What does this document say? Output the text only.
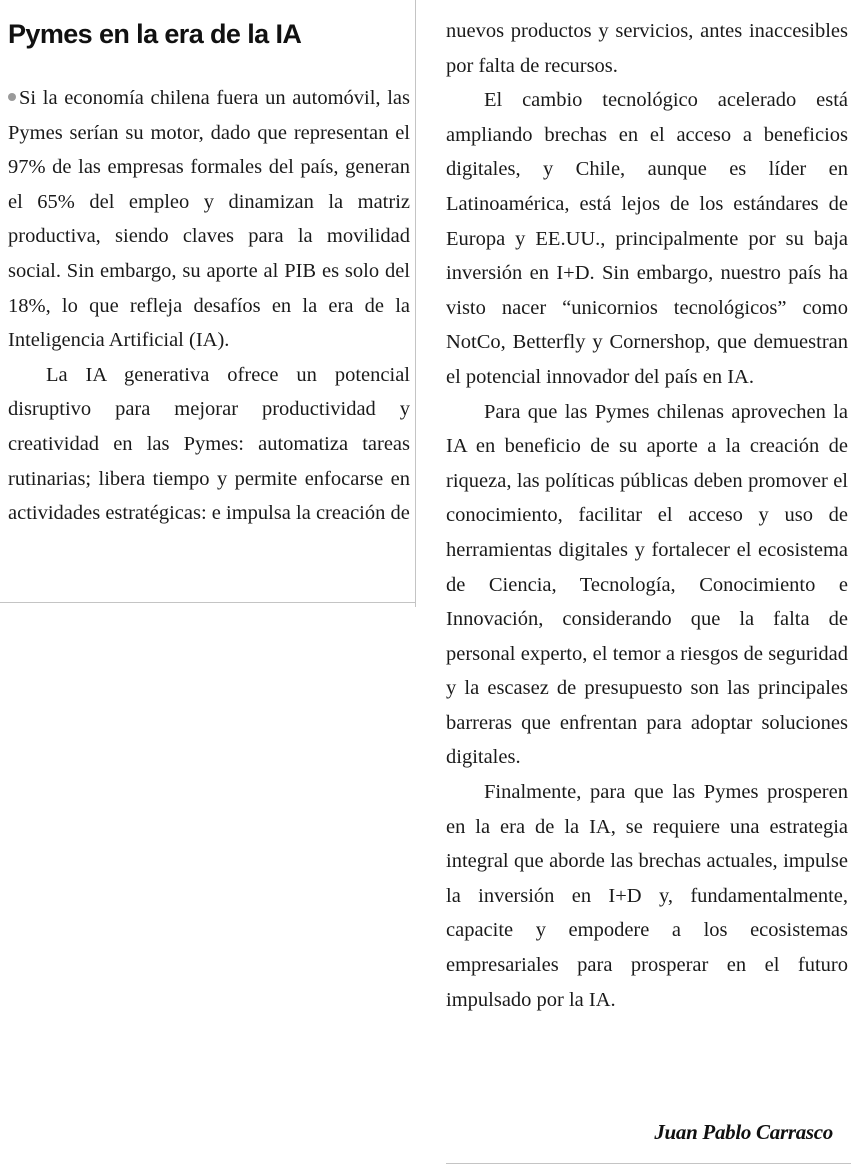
Pymes en la era de la IA

Si la economía chilena fuera un automóvil, las Pymes serían su motor, dado que representan el 97% de las empresas formales del país, generan el 65% del empleo y dinamizan la matriz productiva, siendo claves para la movilidad social. Sin embargo, su aporte al PIB es solo del 18%, lo que refleja desafíos en la era de la Inteligencia Artificial (IA).

La IA generativa ofrece un potencial disruptivo para mejorar productividad y creatividad en las Pymes: automatiza tareas rutinarias; libera tiempo y permite enfocarse en actividades estratégicas: e impulsa la creación de

nuevos productos y servicios, antes inaccesibles por falta de recursos.

El cambio tecnológico acelerado está ampliando brechas en el acceso a beneficios digitales, y Chile, aunque es líder en Latinoamérica, está lejos de los estándares de Europa y EE.UU., principalmente por su baja inversión en I+D. Sin embargo, nuestro país ha visto nacer “unicornios tecnológicos” como NotCo, Betterfly y Cornershop, que demuestran el potencial innovador del país en IA.

Para que las Pymes chilenas aprovechen la IA en beneficio de su aporte a la creación de riqueza, las políticas públicas deben promover el conocimiento, facilitar el acceso y uso de herramientas digitales y fortalecer el ecosistema de Ciencia, Tecnología, Conocimiento e Innovación, considerando que la falta de personal experto, el temor a riesgos de seguridad y la escasez de presupuesto son las principales barreras que enfrentan para adoptar soluciones digitales.

Finalmente, para que las Pymes prosperen en la era de la IA, se requiere una estrategia integral que aborde las brechas actuales, impulse la inversión en I+D y, fundamentalmente, capacite y empodere a los ecosistemas empresariales para prosperar en el futuro impulsado por la IA.

Juan Pablo Carrasco
